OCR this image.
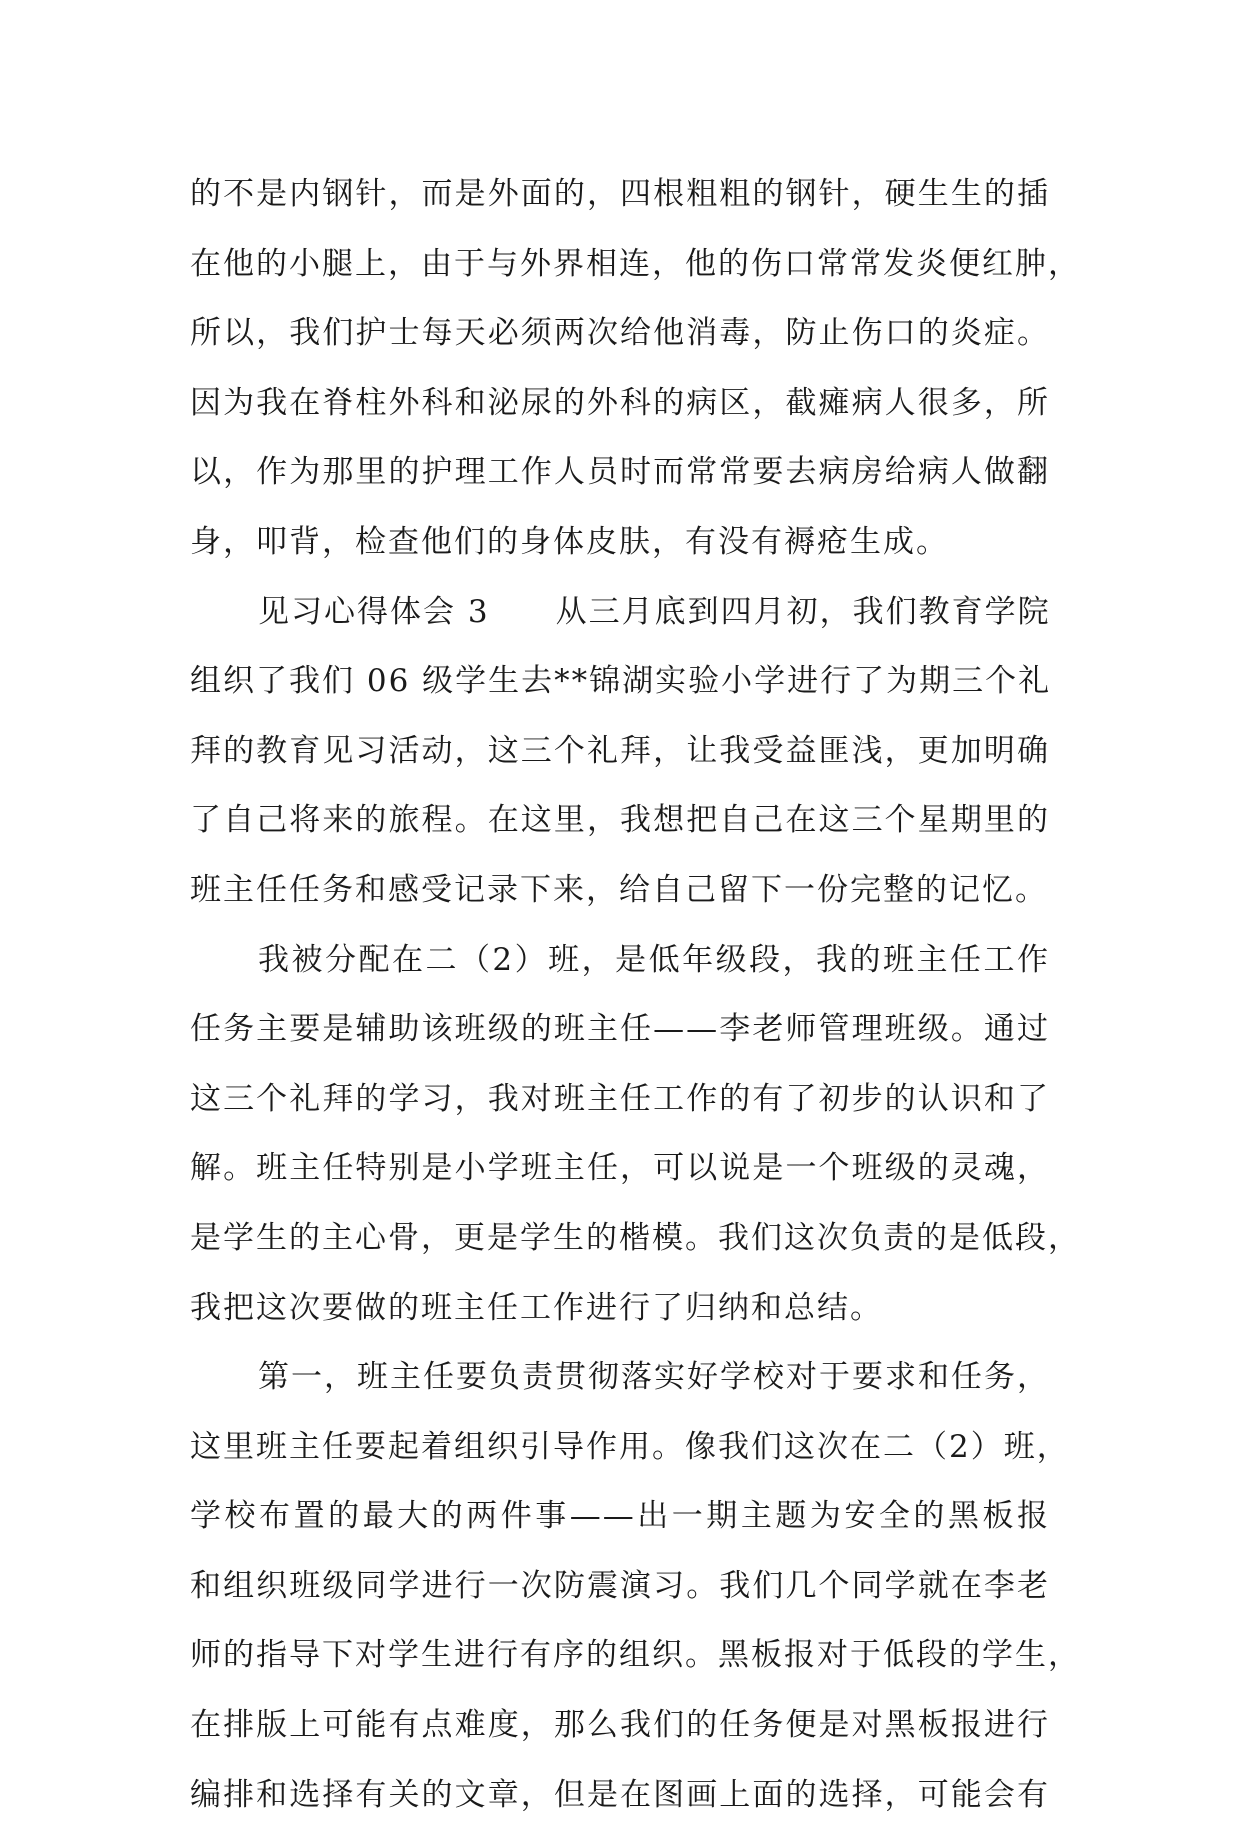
的不是内钢针，而是外面的，四根粗粗的钢针，硬生生的插
在他的小腿上，由于与外界相连，他的伤口常常发炎便红肿，
所以，我们护士每天必须两次给他消毒，防止伤口的炎症。
因为我在脊柱外科和泌尿的外科的病区，截瘫病人很多，所
以，作为那里的护理工作人员时而常常要去病房给病人做翻
身，叩背，检查他们的身体皮肤，有没有褥疮生成。
见习心得体会 3　　从三月底到四月初，我们教育学院
组织了我们 06 级学生去**锦湖实验小学进行了为期三个礼
拜的教育见习活动，这三个礼拜，让我受益匪浅，更加明确
了自己将来的旅程。在这里，我想把自己在这三个星期里的
班主任任务和感受记录下来，给自己留下一份完整的记忆。
我被分配在二（2）班，是低年级段，我的班主任工作
任务主要是辅助该班级的班主任——李老师管理班级。通过
这三个礼拜的学习，我对班主任工作的有了初步的认识和了
解。班主任特别是小学班主任，可以说是一个班级的灵魂，
是学生的主心骨，更是学生的楷模。我们这次负责的是低段，
我把这次要做的班主任工作进行了归纳和总结。
第一，班主任要负责贯彻落实好学校对于要求和任务，
这里班主任要起着组织引导作用。像我们这次在二（2）班，
学校布置的最大的两件事——出一期主题为安全的黑板报
和组织班级同学进行一次防震演习。我们几个同学就在李老
师的指导下对学生进行有序的组织。黑板报对于低段的学生，
在排版上可能有点难度，那么我们的任务便是对黑板报进行
编排和选择有关的文章，但是在图画上面的选择，可能会有
